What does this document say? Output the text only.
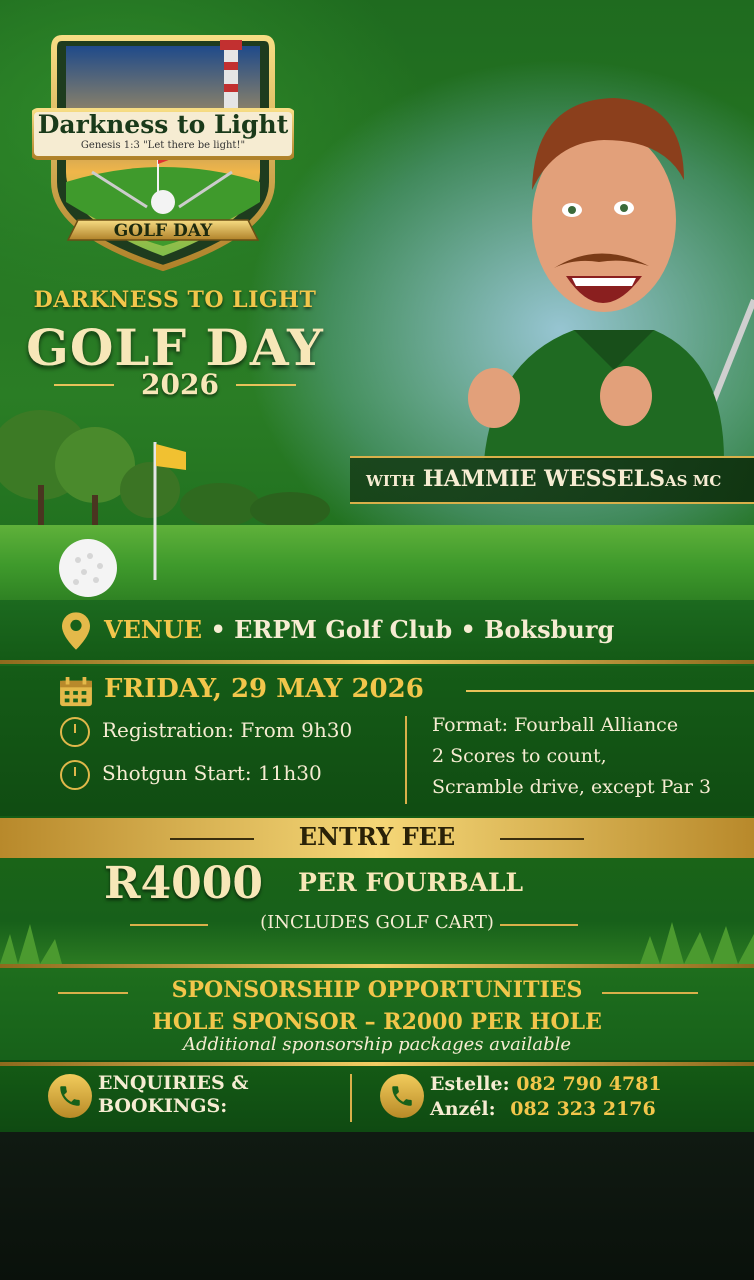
Darkness to Light
Genesis 1:3 "Let there be light!"
GOLF DAY
DARKNESS TO LIGHT
GOLF DAY
2026
WITH HAMMIE WESSELSAS MC
VENUE • ERPM Golf Club • Boksburg
FRIDAY, 29 MAY 2026
Registration: From 9h30
Shotgun Start: 11h30
Format: Fourball Alliance
2 Scores to count,
Scramble drive, except Par 3
ENTRY FEE
R4000 PER FOURBALL
(INCLUDES GOLF CART)
SPONSORSHIP OPPORTUNITIES
HOLE SPONSOR – R2000 PER HOLE
Additional sponsorship packages available
ENQUIRIES &
BOOKINGS:
Estelle: 082 790 4781
Anzél: 082 323 2176
